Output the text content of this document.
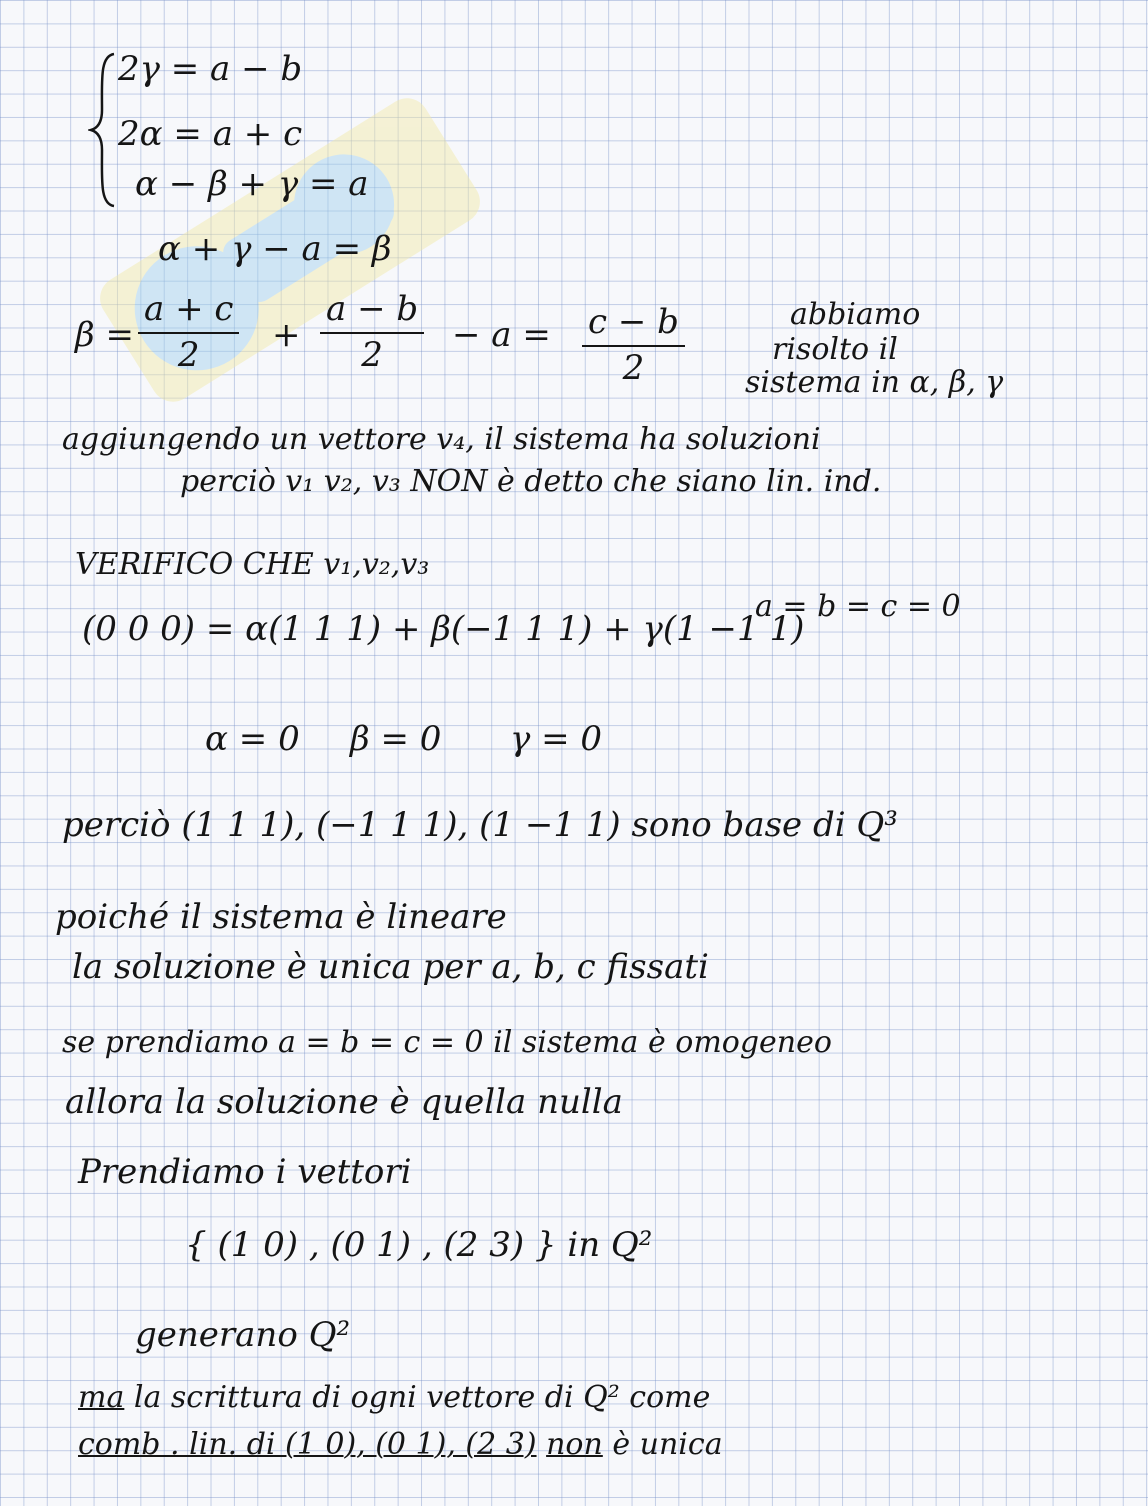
2γ = a − b

2α = a + c

α − β + γ = a

α + γ − a = β

$\beta = \frac{a + c}{2} + \frac{a - b}{2} - a = \frac{c - b}{2}$	abbiamo

risolto il

sistema in α, β, γ

aggiungendo un vettore v₄, il sistema ha soluzioni

perciò v₁ v₂, v₃ NON è detto che siano lin. ind.

VERIFICO CHE v₁,v₂,v₃

(0 0 0) = α(1 1 1) + β(−1 1 1) + γ(1 −1 1)

a = b = c = 0

α = 0 β = 0 γ = 0

perciò (1 1 1), (−1 1 1), (1 −1 1) sono base di Q³

poiché il sistema è lineare

la soluzione è unica per a, b, c fissati

se prendiamo a = b = c = 0 il sistema è omogeneo

allora la soluzione è quella nulla

Prendiamo i vettori

{ (1 0) , (0 1) , (2 3) } in Q²

generano Q²

ma la scrittura di ogni vettore di Q² come

comb . lin. di (1 0), (0 1), (2 3) non è unica
